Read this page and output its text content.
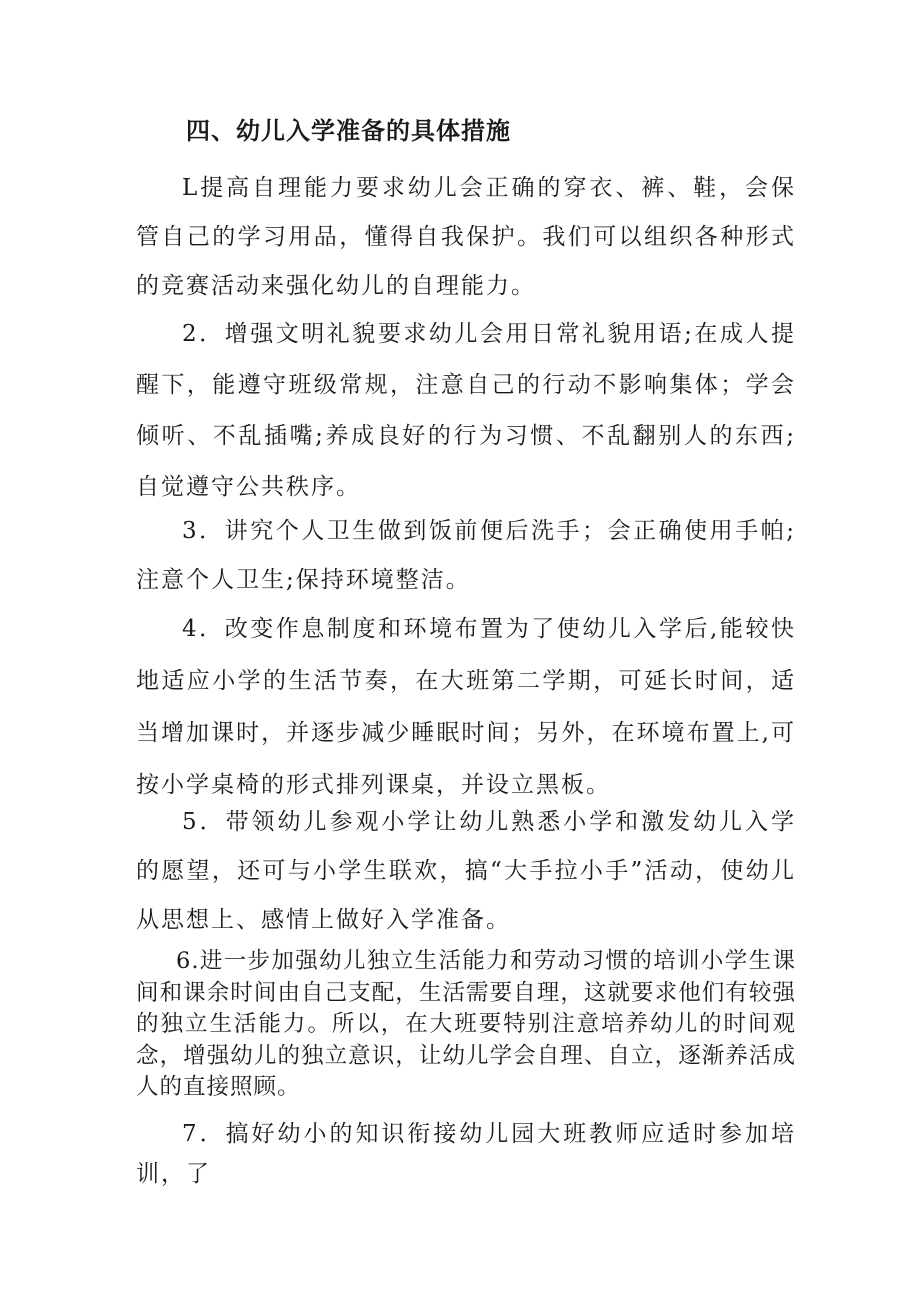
四、幼儿入学准备的具体措施

L提高自理能力要求幼儿会正确的穿衣、裤、鞋，会保管自己的学习用品，懂得自我保护。我们可以组织各种形式的竞赛活动来强化幼儿的自理能力。

2．增强文明礼貌要求幼儿会用日常礼貌用语;在成人提醒下，能遵守班级常规，注意自己的行动不影响集体；学会倾听、不乱插嘴;养成良好的行为习惯、不乱翻别人的东西;自觉遵守公共秩序。

3．讲究个人卫生做到饭前便后洗手；会正确使用手帕;注意个人卫生;保持环境整洁。

4．改变作息制度和环境布置为了使幼儿入学后,能较快地适应小学的生活节奏，在大班第二学期，可延长时间，适当增加课时，并逐步减少睡眠时间；另外，在环境布置上,可按小学桌椅的形式排列课桌，并设立黑板。

5．带领幼儿参观小学让幼儿熟悉小学和激发幼儿入学的愿望，还可与小学生联欢，搞“大手拉小手”活动，使幼儿从思想上、感情上做好入学准备。

6.进一步加强幼儿独立生活能力和劳动习惯的培训小学生课间和课余时间由自己支配，生活需要自理，这就要求他们有较强的独立生活能力。所以，在大班要特别注意培养幼儿的时间观念，增强幼儿的独立意识，让幼儿学会自理、自立，逐渐养活成人的直接照顾。

7．搞好幼小的知识衔接幼儿园大班教师应适时参加培训，了
